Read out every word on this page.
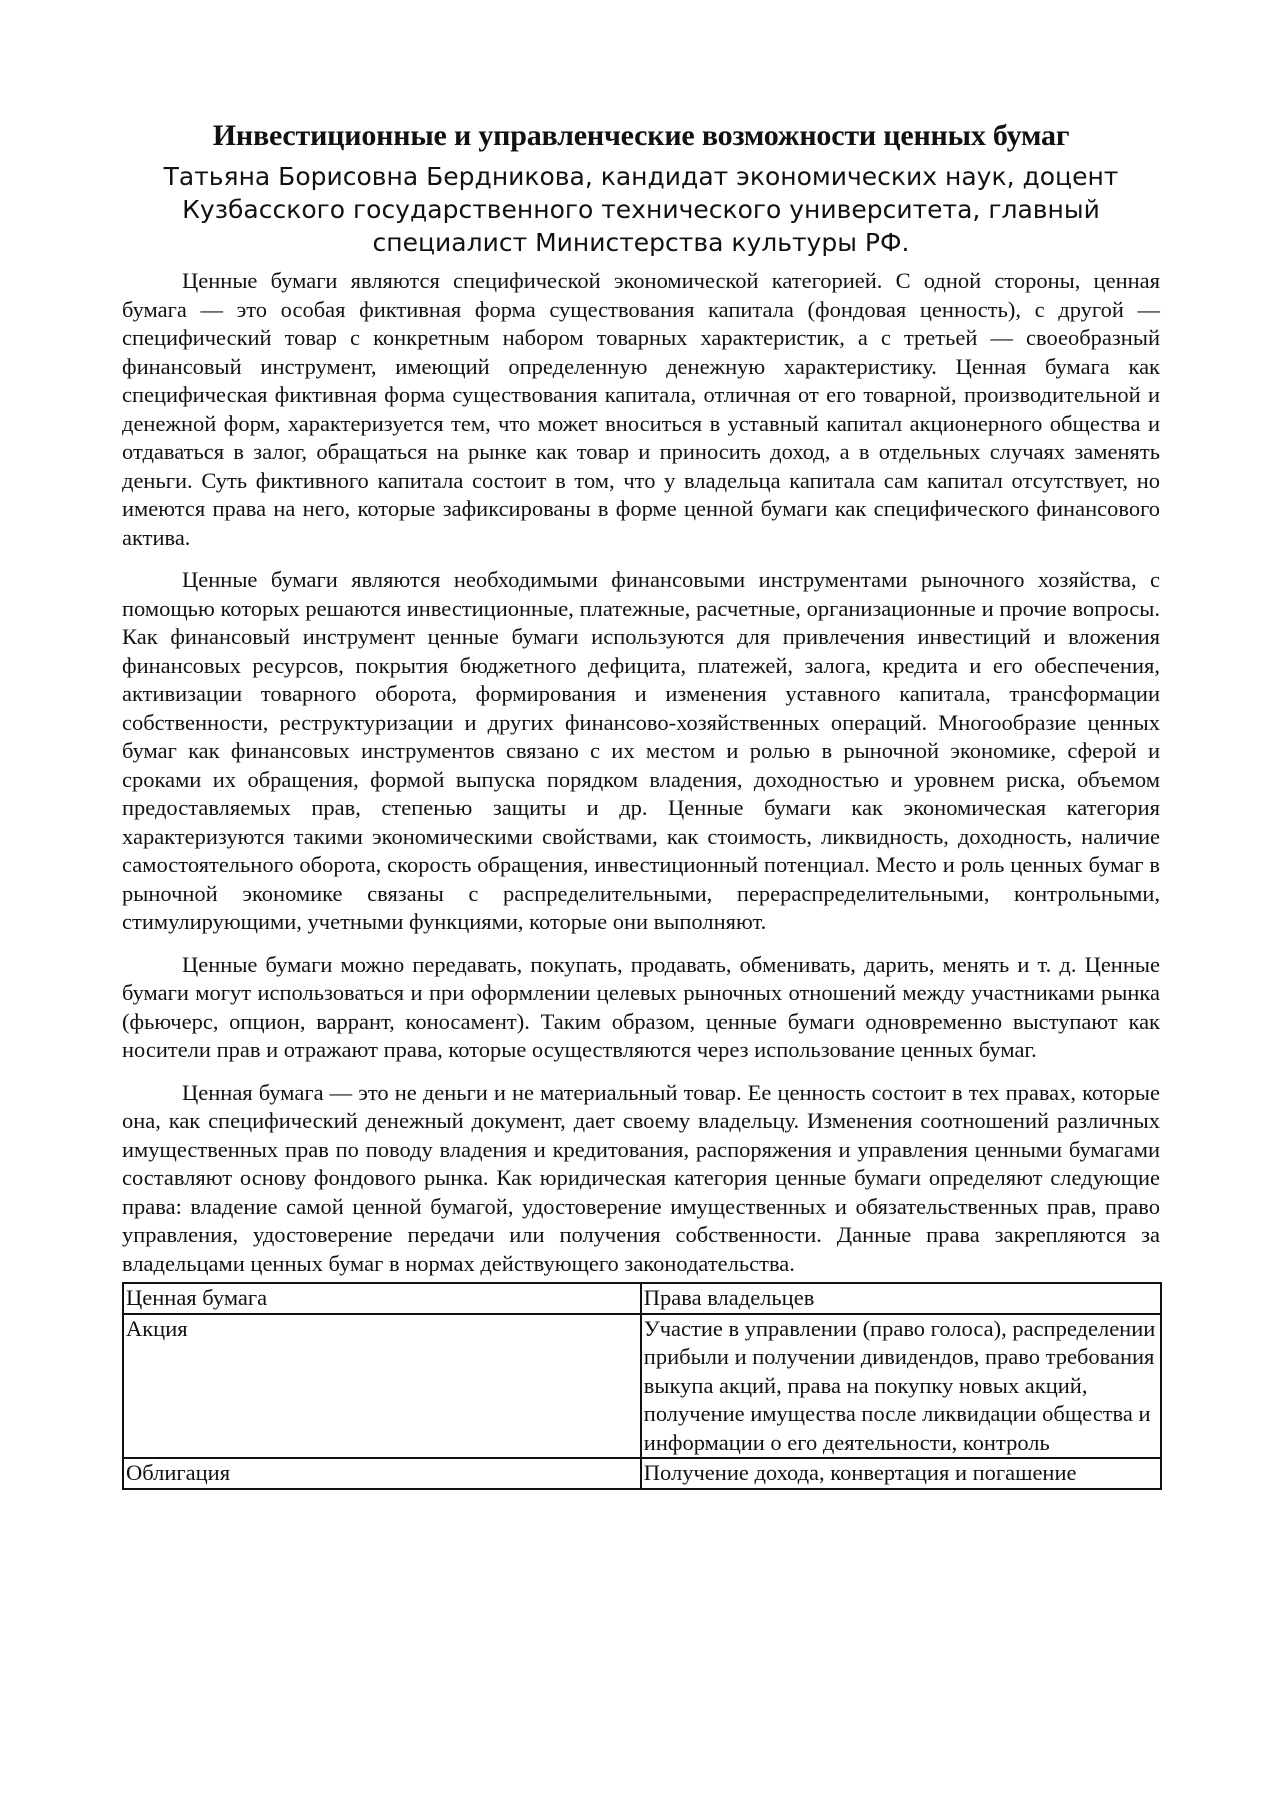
Инвестиционные и управленческие возможности ценных бумаг

Татьяна Борисовна Бердникова, кандидат экономических наук, доцент Кузбасского государственного технического университета, главный специалист Министерства культуры РФ.

Ценные бумаги являются специфической экономической категорией. С одной стороны, ценная бумага — это особая фиктивная форма существования капитала (фондовая ценность), с другой — специфический товар с конкретным набором товарных характеристик, а с третьей — своеобразный финансовый инструмент, имеющий определенную денежную характеристику. Ценная бумага как специфическая фиктивная форма существования капитала, отличная от его товарной, производительной и денежной форм, характеризуется тем, что может вноситься в уставный капитал акционерного общества и отдаваться в залог, обращаться на рынке как товар и приносить доход, а в отдельных случаях заменять деньги. Суть фиктивного капитала состоит в том, что у владельца капитала сам капитал отсутствует, но имеются права на него, которые зафиксированы в форме ценной бумаги как специфического финансового актива.

Ценные бумаги являются необходимыми финансовыми инструментами рыночного хозяйства, с помощью которых решаются инвестиционные, платежные, расчетные, организационные и прочие вопросы. Как финансовый инструмент ценные бумаги используются для привлечения инвестиций и вложения финансовых ресурсов, покрытия бюджетного дефицита, платежей, залога, кредита и его обеспечения, активизации товарного оборота, формирования и изменения уставного капитала, трансформации собственности, реструктуризации и других финансово-хозяйственных операций. Многообразие ценных бумаг как финансовых инструментов связано с их местом и ролью в рыночной экономике, сферой и сроками их обращения, формой выпуска порядком владения, доходностью и уровнем риска, объемом предоставляемых прав, степенью защиты и др. Ценные бумаги как экономическая категория характеризуются такими экономическими свойствами, как стоимость, ликвидность, доходность, наличие самостоятельного оборота, скорость обращения, инвестиционный потенциал. Место и роль ценных бумаг в рыночной экономике связаны с распределительными, перераспределительными, контрольными, стимулирующими, учетными функциями, которые они выполняют.

Ценные бумаги можно передавать, покупать, продавать, обменивать, дарить, менять и т. д. Ценные бумаги могут использоваться и при оформлении целевых рыночных отношений между участниками рынка (фьючерс, опцион, варрант, коносамент). Таким образом, ценные бумаги одновременно выступают как носители прав и отражают права, которые осуществляются через использование ценных бумаг.

Ценная бумага — это не деньги и не материальный товар. Ее ценность состоит в тех правах, которые она, как специфический денежный документ, дает своему владельцу. Изменения соотношений различных имущественных прав по поводу владения и кредитования, распоряжения и управления ценными бумагами составляют основу фондового рынка. Как юридическая категория ценные бумаги определяют следующие права: владение самой ценной бумагой, удостоверение имущественных и обязательственных прав, право управления, удостоверение передачи или получения собственности. Данные права закрепляются за владельцами ценных бумаг в нормах действующего законодательства.

Ценная бумага	Права владельцев
Акция	Участие в управлении (право голоса), распределении прибыли и получении дивидендов, право требования выкупа акций, права на покупку новых акций, получение имущества после ликвидации общества и информации о его деятельности, контроль
Облигация	Получение дохода, конвертация и погашение
